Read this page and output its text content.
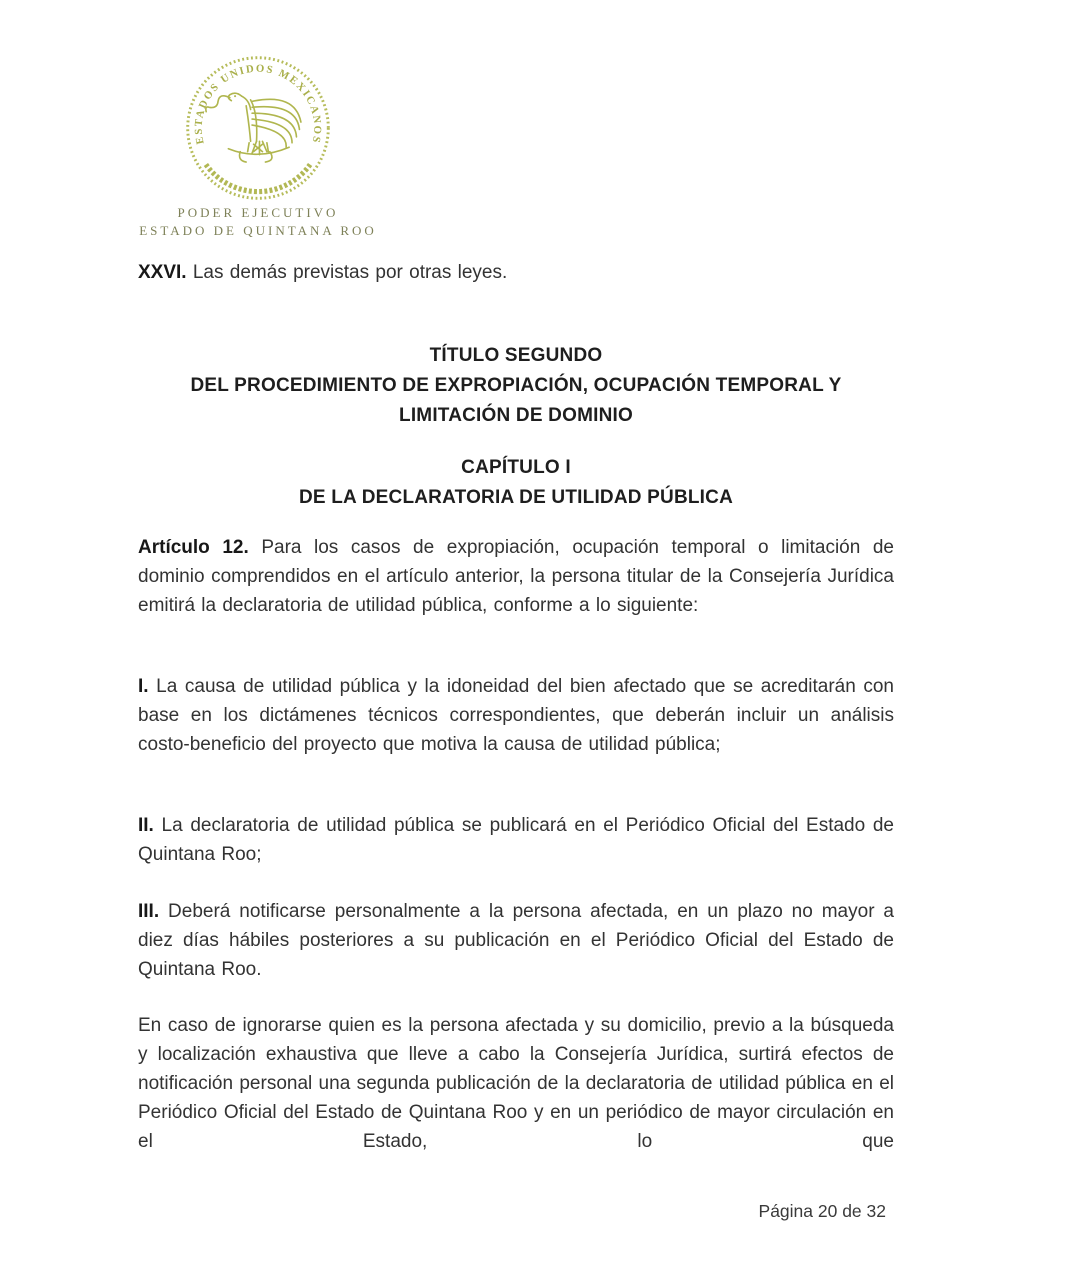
ESTADOS UNIDOS MEXICANOS
PODER EJECUTIVO
ESTADO DE QUINTANA ROO

XXVI. Las demás previstas por otras leyes.

TÍTULO SEGUNDO
DEL PROCEDIMIENTO DE EXPROPIACIÓN, OCUPACIÓN TEMPORAL Y
LIMITACIÓN DE DOMINIO
CAPÍTULO I
DE LA DECLARATORIA DE UTILIDAD PÚBLICA

Artículo 12. Para los casos de expropiación, ocupación temporal o limitación de dominio comprendidos en el artículo anterior, la persona titular de la Consejería Jurídica emitirá la declaratoria de utilidad pública, conforme a lo siguiente:

I. La causa de utilidad pública y la idoneidad del bien afectado que se acreditarán con base en los dictámenes técnicos correspondientes, que deberán incluir un análisis costo-beneficio del proyecto que motiva la causa de utilidad pública;

II. La declaratoria de utilidad pública se publicará en el Periódico Oficial del Estado de Quintana Roo;

III. Deberá notificarse personalmente a la persona afectada, en un plazo no mayor a diez días hábiles posteriores a su publicación en el Periódico Oficial del Estado de Quintana Roo.

En caso de ignorarse quien es la persona afectada y su domicilio, previo a la búsqueda y localización exhaustiva que lleve a cabo la Consejería Jurídica, surtirá efectos de notificación personal una segunda publicación de la declaratoria de utilidad pública en el Periódico Oficial del Estado de Quintana Roo y en un periódico de mayor circulación en el Estado, lo que

Página 20 de 32
